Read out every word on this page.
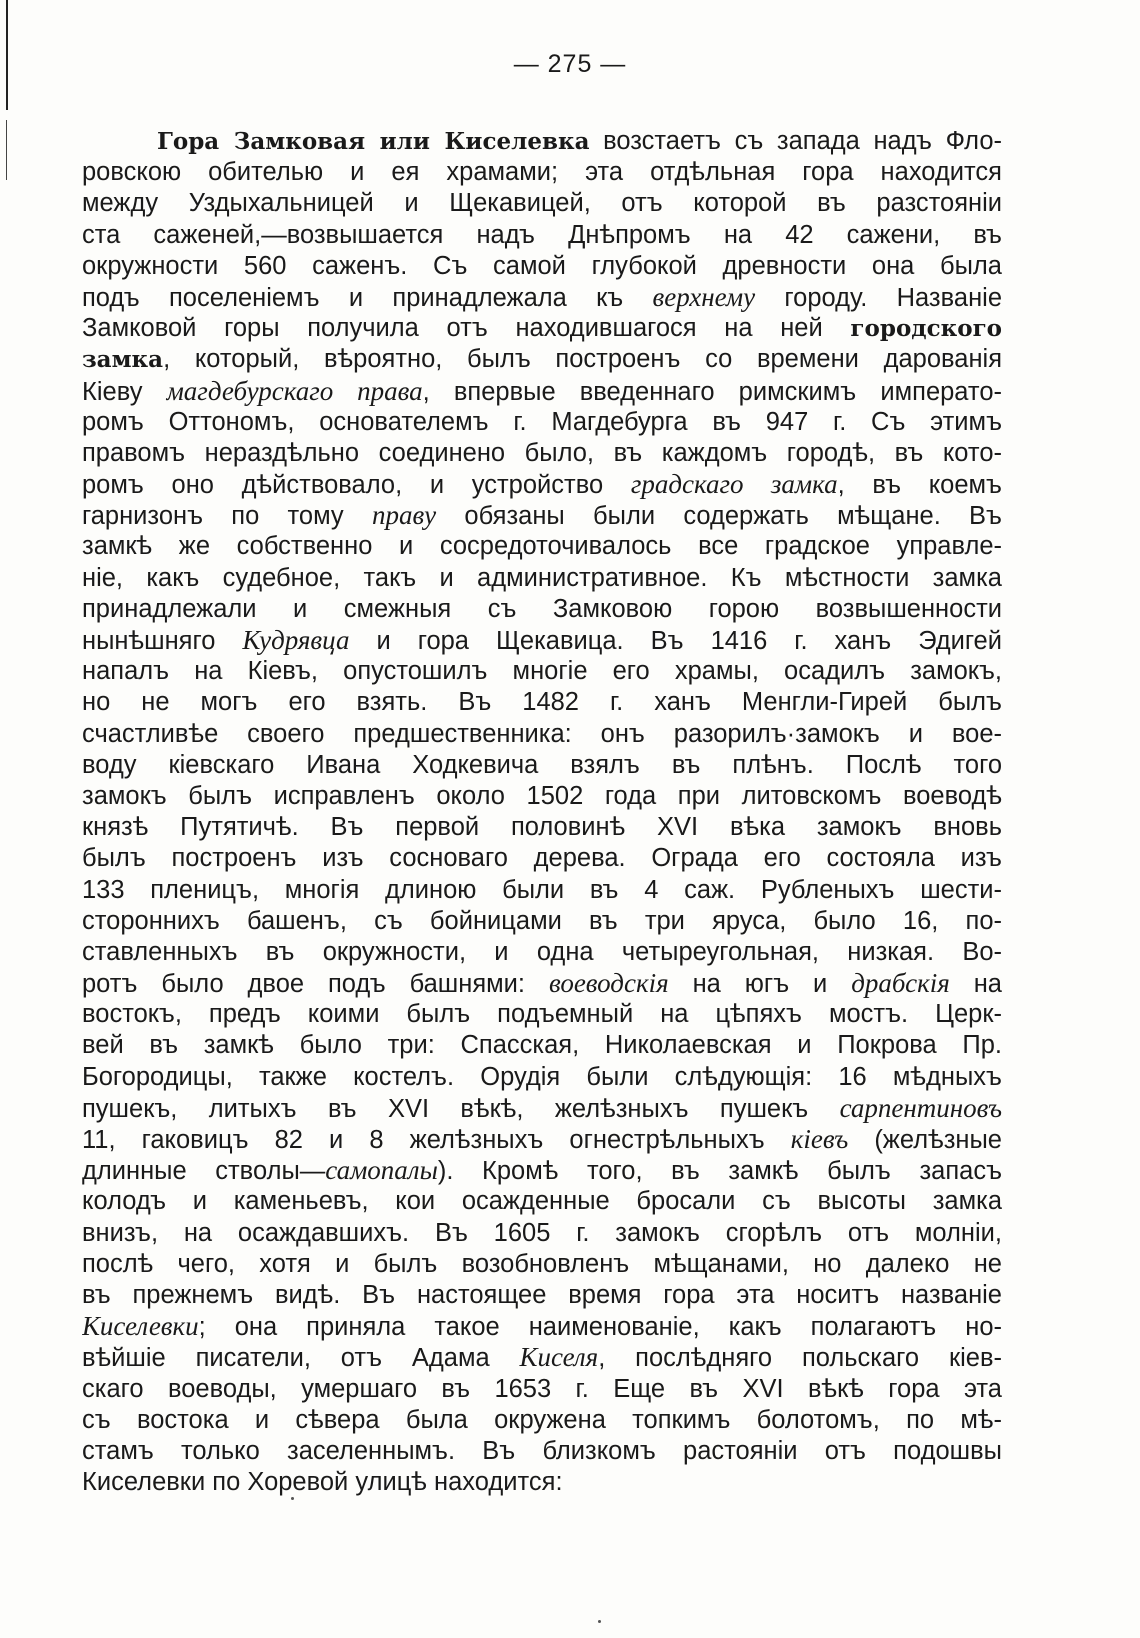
— 275 —
Гора Замковая или Киселевка возстаетъ съ запада надъ Фло-
ровскою обителью и ея храмами; эта отдѣльная гора находится
между Уздыхальницей и Щекавицей, отъ которой въ разстояніи
ста саженей,—возвышается надъ Днѣпромъ на 42 сажени, въ
окружности 560 саженъ. Съ самой глубокой древности она была
подъ поселеніемъ и принадлежала къ верхнему городу. Названіе
Замковой горы получила отъ находившагося на ней городского
замка, который, вѣроятно, былъ построенъ со времени дарованія
Кіеву магдебурскаго права, впервые введеннаго римскимъ императо-
ромъ Оттономъ, основателемъ г. Магдебурга въ 947 г. Съ этимъ
правомъ нераздѣльно соединено было, въ каждомъ городѣ, въ кото-
ромъ оно дѣйствовало, и устройство градскаго замка, въ коемъ
гарнизонъ по тому праву обязаны были содержать мѣщане. Въ
замкѣ же собственно и сосредоточивалось все градское управле-
ніе, какъ судебное, такъ и административное. Къ мѣстности замка
принадлежали и смежныя съ Замковою горою возвышенности
нынѣшняго Кудрявца и гора Щекавица. Въ 1416 г. ханъ Эдигей
напалъ на Кіевъ, опустошилъ многіе его храмы, осадилъ замокъ,
но не могъ его взять. Въ 1482 г. ханъ Менгли-Гирей былъ
счастливѣе своего предшественника: онъ разорилъ·замокъ и вое-
воду кіевскаго Ивана Ходкевича взялъ въ плѣнъ. Послѣ того
замокъ былъ исправленъ около 1502 года при литовскомъ воеводѣ
князѣ Путятичѣ. Въ первой половинѣ XVI вѣка замокъ вновь
былъ построенъ изъ сосноваго дерева. Ограда его состояла изъ
133 пленицъ, многія длиною были въ 4 саж. Рубленыхъ шести-
стороннихъ башенъ, съ бойницами въ три яруса, было 16, по-
ставленныхъ въ окружности, и одна четыреугольная, низкая. Во-
ротъ было двое подъ башнями: воеводскія на югъ и драбскія на
востокъ, предъ коими былъ подъемный на цѣпяхъ мостъ. Церк-
вей въ замкѣ было три: Спасская, Николаевская и Покрова Пр.
Богородицы, также костелъ. Орудія были слѣдующія: 16 мѣдныхъ
пушекъ, литыхъ въ XVI вѣкѣ, желѣзныхъ пушекъ сарпентиновъ
11, гаковицъ 82 и 8 желѣзныхъ огнестрѣльныхъ кіевъ (желѣзные
длинные стволы—самопалы). Кромѣ того, въ замкѣ былъ запасъ
колодъ и каменьевъ, кои осажденные бросали съ высоты замка
внизъ, на осаждавшихъ. Въ 1605 г. замокъ сгорѣлъ отъ молніи,
послѣ чего, хотя и былъ возобновленъ мѣщанами, но далеко не
въ прежнемъ видѣ. Въ настоящее время гора эта носитъ названіе
Киселевки; она приняла такое наименованіе, какъ полагаютъ но-
вѣйшіе писатели, отъ Адама Киселя, послѣдняго польскаго кіев-
скаго воеводы, умершаго въ 1653 г. Еще въ XVI вѣкѣ гора эта
съ востока и сѣвера была окружена топкимъ болотомъ, по мѣ-
стамъ только заселеннымъ. Въ близкомъ растояніи отъ подошвы
Киселевки по Хоревой улицѣ находится:
